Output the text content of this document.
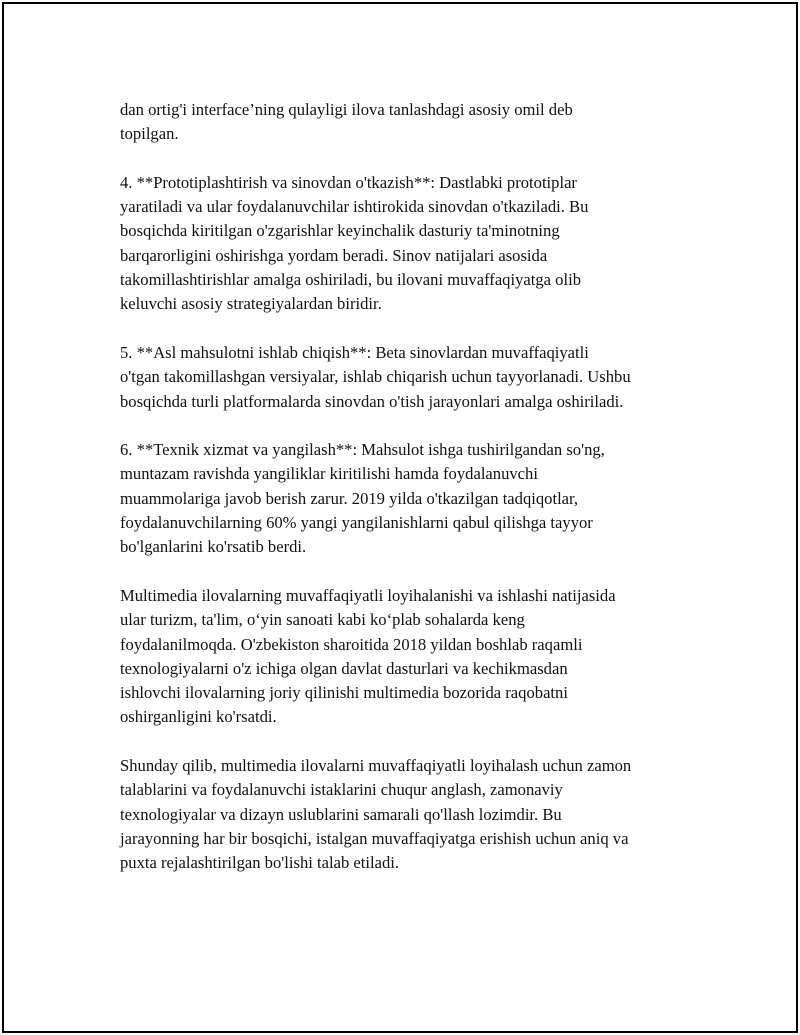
dan ortig'i interface’ning qulayligi ilova tanlashdagi asosiy omil deb
topilgan.

4. **Prototiplashtirish va sinovdan o'tkazish**: Dastlabki prototiplar
yaratiladi va ular foydalanuvchilar ishtirokida sinovdan o'tkaziladi. Bu
bosqichda kiritilgan o'zgarishlar keyinchalik dasturiy ta'minotning
barqarorligini oshirishga yordam beradi. Sinov natijalari asosida
takomillashtirishlar amalga oshiriladi, bu ilovani muvaffaqiyatga olib
keluvchi asosiy strategiyalardan biridir.

5. **Asl mahsulotni ishlab chiqish**: Beta sinovlardan muvaffaqiyatli
o'tgan takomillashgan versiyalar, ishlab chiqarish uchun tayyorlanadi. Ushbu
bosqichda turli platformalarda sinovdan o'tish jarayonlari amalga oshiriladi.

6. **Texnik xizmat va yangilash**: Mahsulot ishga tushirilgandan so'ng,
muntazam ravishda yangiliklar kiritilishi hamda foydalanuvchi
muammolariga javob berish zarur. 2019 yilda o'tkazilgan tadqiqotlar,
foydalanuvchilarning 60% yangi yangilanishlarni qabul qilishga tayyor
bo'lganlarini ko'rsatib berdi.

Multimedia ilovalarning muvaffaqiyatli loyihalanishi va ishlashi natijasida
ular turizm, ta'lim, o‘yin sanoati kabi ko‘plab sohalarda keng
foydalanilmoqda. O'zbekiston sharoitida 2018 yildan boshlab raqamli
texnologiyalarni o'z ichiga olgan davlat dasturlari va kechikmasdan
ishlovchi ilovalarning joriy qilinishi multimedia bozorida raqobatni
oshirganligini ko'rsatdi.

Shunday qilib, multimedia ilovalarni muvaffaqiyatli loyihalash uchun zamon
talablarini va foydalanuvchi istaklarini chuqur anglash, zamonaviy
texnologiyalar va dizayn uslublarini samarali qo'llash lozimdir. Bu
jarayonning har bir bosqichi, istalgan muvaffaqiyatga erishish uchun aniq va
puxta rejalashtirilgan bo'lishi talab etiladi.
